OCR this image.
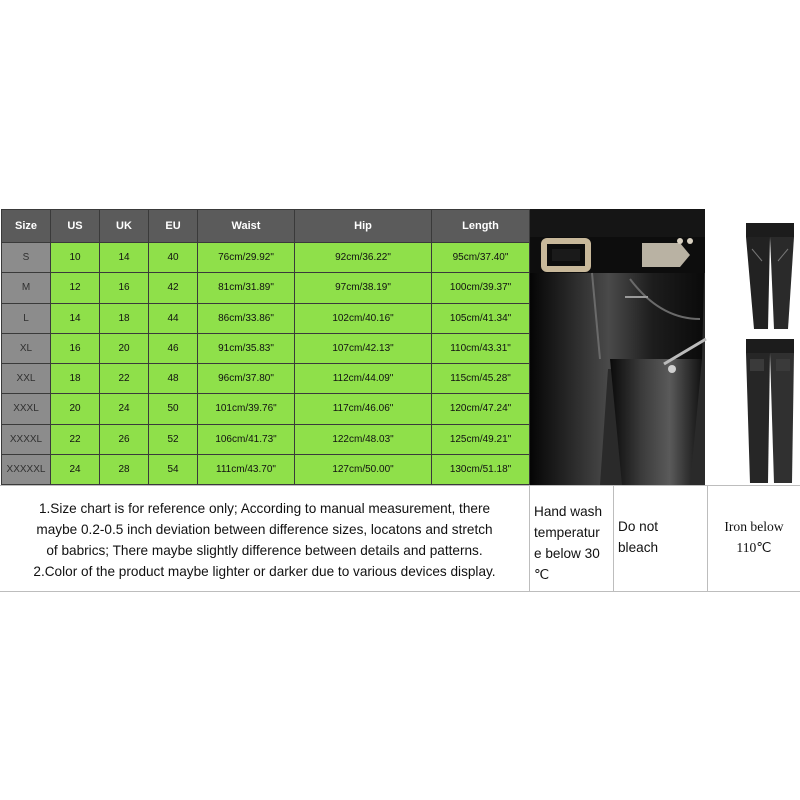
Size	US	UK	EU	Waist	Hip	Length
S	10	14	40	76cm/29.92"	92cm/36.22"	95cm/37.40"
M	12	16	42	81cm/31.89"	97cm/38.19"	100cm/39.37"
L	14	18	44	86cm/33.86"	102cm/40.16"	105cm/41.34"
XL	16	20	46	91cm/35.83"	107cm/42.13"	110cm/43.31"
XXL	18	22	48	96cm/37.80"	112cm/44.09"	115cm/45.28"
XXXL	20	24	50	101cm/39.76"	117cm/46.06"	120cm/47.24"
XXXXL	22	26	52	106cm/41.73"	122cm/48.03"	125cm/49.21"
XXXXXL	24	28	54	111cm/43.70"	127cm/50.00"	130cm/51.18"
1.Size chart is for reference only; According to manual measurement, there
maybe 0.2-0.5 inch deviation between difference sizes, locatons and stretch
of babrics; There maybe slightly difference between details and patterns.
2.Color of the product maybe lighter or darker due to various devices display.
Hand wash
temperatur
e below 30
℃
Do not
bleach
Iron below
110℃
